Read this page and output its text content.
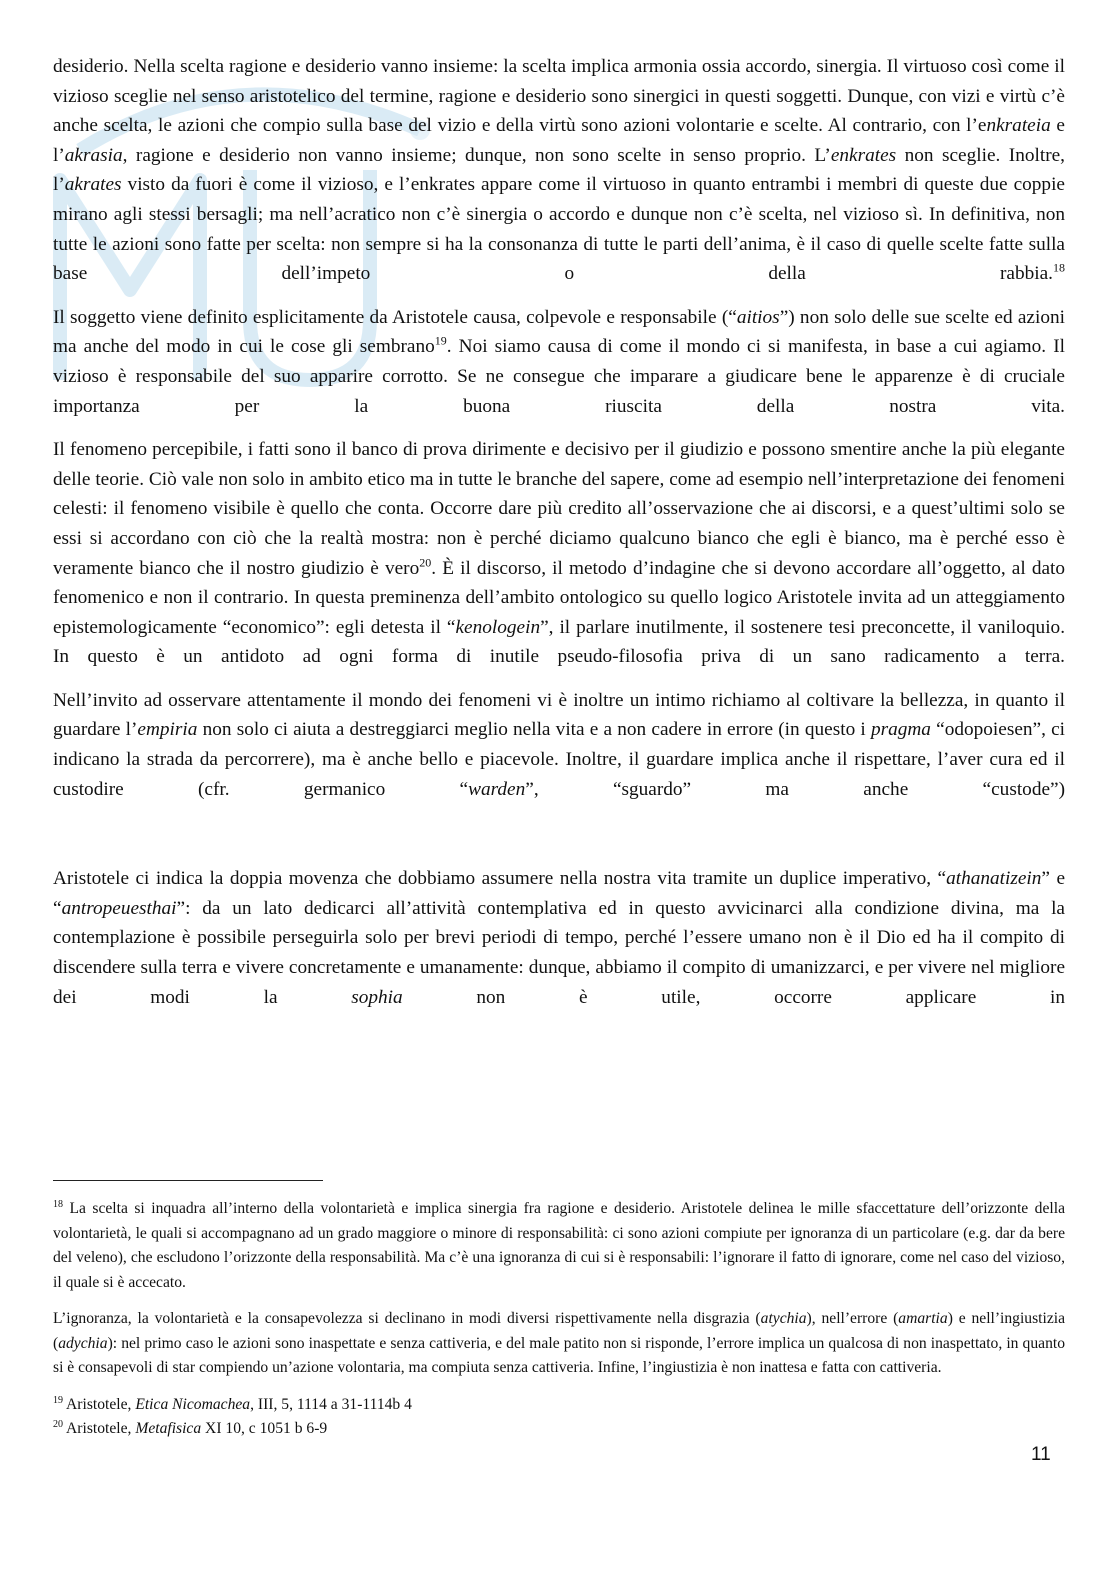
desiderio. Nella scelta ragione e desiderio vanno insieme: la scelta implica armonia ossia accordo, sinergia. Il virtuoso così come il vizioso sceglie nel senso aristotelico del termine, ragione e desiderio sono sinergici in questi soggetti. Dunque, con vizi e virtù c’è anche scelta, le azioni che compio sulla base del vizio e della virtù sono azioni volontarie e scelte. Al contrario, con l’enkrateia e l’akrasia, ragione e desiderio non vanno insieme; dunque, non sono scelte in senso proprio. L’enkrates non sceglie. Inoltre, l’akrates visto da fuori è come il vizioso, e l’enkrates appare come il virtuoso in quanto entrambi i membri di queste due coppie mirano agli stessi bersagli; ma nell’acratico non c’è sinergia o accordo e dunque non c’è scelta, nel vizioso sì. In definitiva, non tutte le azioni sono fatte per scelta: non sempre si ha la consonanza di tutte le parti dell’anima, è il caso di quelle scelte fatte sulla base dell’impeto o della rabbia.$^{18}$

Il soggetto viene definito esplicitamente da Aristotele causa, colpevole e responsabile (“aitios”) non solo delle sue scelte ed azioni ma anche del modo in cui le cose gli sembrano$^{19}$. Noi siamo causa di come il mondo ci si manifesta, in base a cui agiamo. Il vizioso è responsabile del suo apparire corrotto. Se ne consegue che imparare a giudicare bene le apparenze è di cruciale importanza per la buona riuscita della nostra vita.

Il fenomeno percepibile, i fatti sono il banco di prova dirimente e decisivo per il giudizio e possono smentire anche la più elegante delle teorie. Ciò vale non solo in ambito etico ma in tutte le branche del sapere, come ad esempio nell’interpretazione dei fenomeni celesti: il fenomeno visibile è quello che conta. Occorre dare più credito all’osservazione che ai discorsi, e a quest’ultimi solo se essi si accordano con ciò che la realtà mostra: non è perché diciamo qualcuno bianco che egli è bianco, ma è perché esso è veramente bianco che il nostro giudizio è vero$^{20}$. È il discorso, il metodo d’indagine che si devono accordare all’oggetto, al dato fenomenico e non il contrario. In questa preminenza dell’ambito ontologico su quello logico Aristotele invita ad un atteggiamento epistemologicamente “economico”: egli detesta il “kenologein”, il parlare inutilmente, il sostenere tesi preconcette, il vaniloquio. In questo è un antidoto ad ogni forma di inutile pseudo-filosofia priva di un sano radicamento a terra.

Nell’invito ad osservare attentamente il mondo dei fenomeni vi è inoltre un intimo richiamo al coltivare la bellezza, in quanto il guardare l’empiria non solo ci aiuta a destreggiarci meglio nella vita e a non cadere in errore (in questo i pragma “odopoiesen”, ci indicano la strada da percorrere), ma è anche bello e piacevole. Inoltre, il guardare implica anche il rispettare, l’aver cura ed il custodire (cfr. germanico “warden”, “sguardo” ma anche “custode”)

Aristotele ci indica la doppia movenza che dobbiamo assumere nella nostra vita tramite un duplice imperativo, “athanatizein” e “antropeuesthai”: da un lato dedicarci all’attività contemplativa ed in questo avvicinarci alla condizione divina, ma la contemplazione è possibile perseguirla solo per brevi periodi di tempo, perché l’essere umano non è il Dio ed ha il compito di discendere sulla terra e vivere concretamente e umanamente: dunque, abbiamo il compito di umanizzarci, e per vivere nel migliore dei modi la sophia non è utile, occorre applicare in

$^{18}$ La scelta si inquadra all’interno della volontarietà e implica sinergia fra ragione e desiderio. Aristotele delinea le mille sfaccettature dell’orizzonte della volontarietà, le quali si accompagnano ad un grado maggiore o minore di responsabilità: ci sono azioni compiute per ignoranza di un particolare (e.g. dar da bere del veleno), che escludono l’orizzonte della responsabilità. Ma c’è una ignoranza di cui si è responsabili: l’ignorare il fatto di ignorare, come nel caso del vizioso, il quale si è accecato.

L’ignoranza, la volontarietà e la consapevolezza si declinano in modi diversi rispettivamente nella disgrazia (atychia), nell’errore (amartia) e nell’ingiustizia (adychia): nel primo caso le azioni sono inaspettate e senza cattiveria, e del male patito non si risponde, l’errore implica un qualcosa di non inaspettato, in quanto si è consapevoli di star compiendo un’azione volontaria, ma compiuta senza cattiveria. Infine, l’ingiustizia è non inattesa e fatta con cattiveria.

$^{19}$ Aristotele, Etica Nicomachea, III, 5, 1114 a 31-1114b 4

$^{20}$ Aristotele, Metafisica XI 10, c 1051 b 6-9

11
